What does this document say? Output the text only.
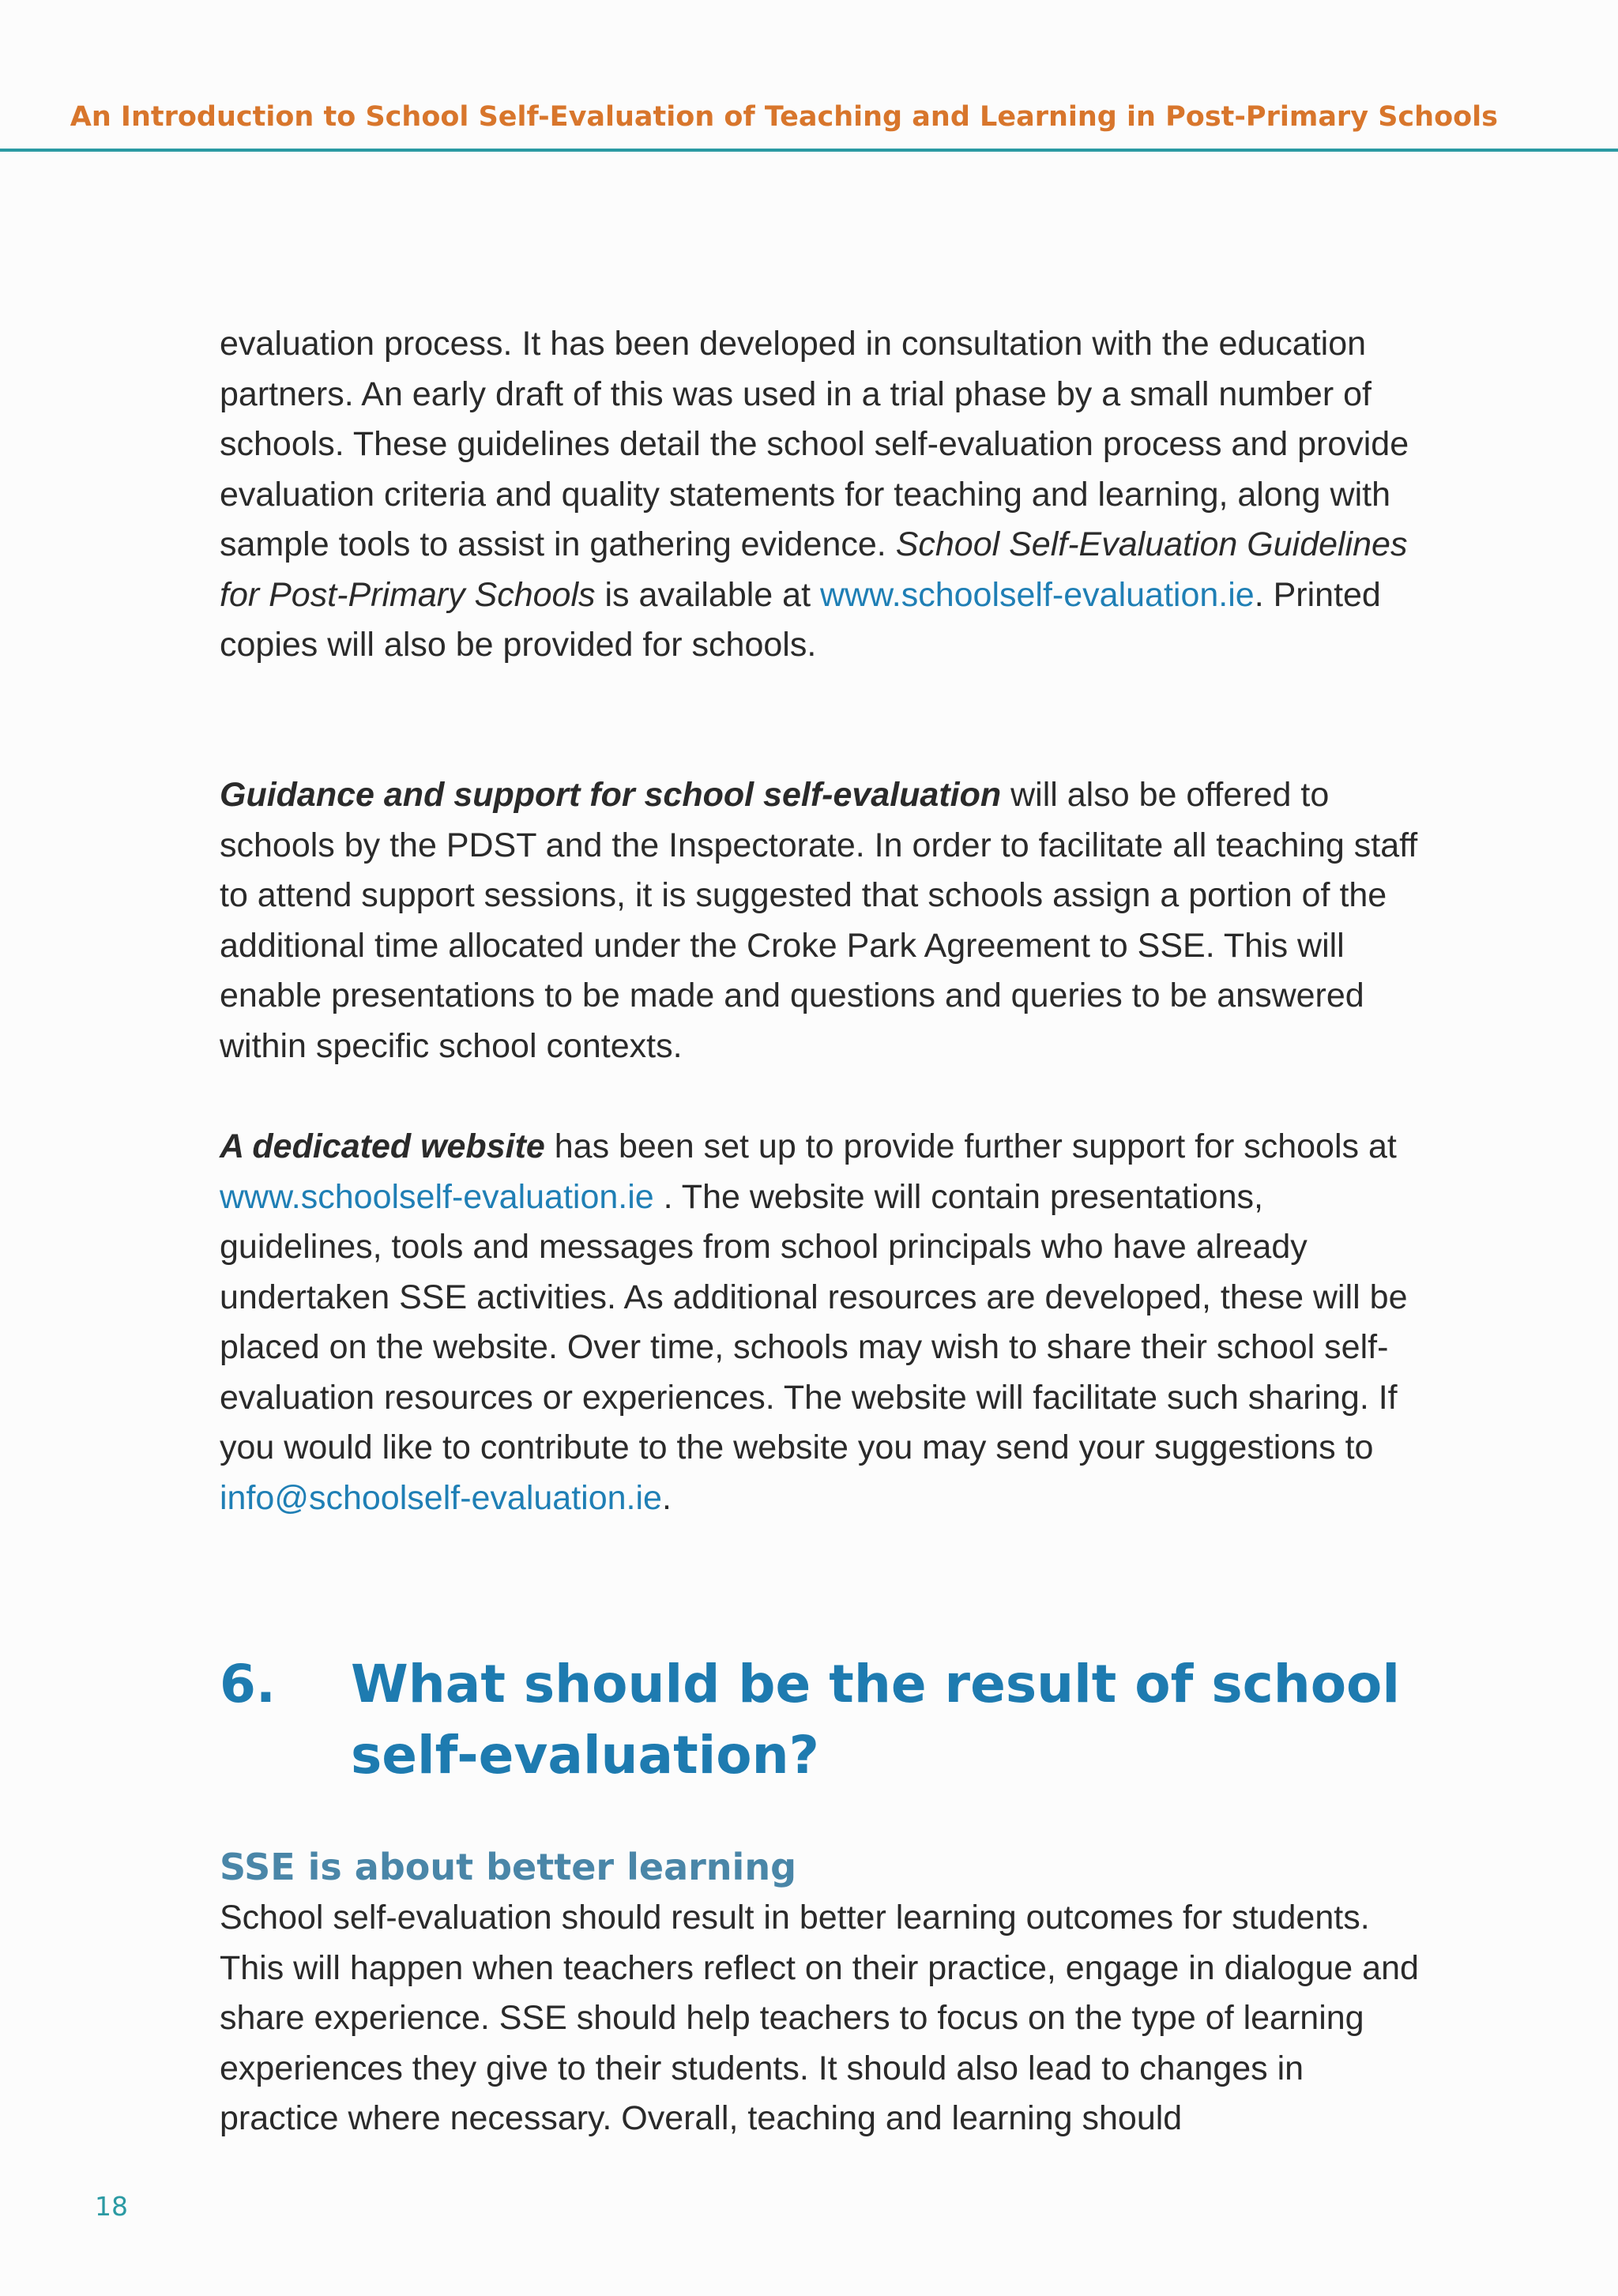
An Introduction to School Self-Evaluation of Teaching and Learning in Post-Primary Schools

evaluation process. It has been developed in consultation with the education partners. An early draft of this was used in a trial phase by a small number of schools. These guidelines detail the school self-evaluation process and provide evaluation criteria and quality statements for teaching and learning, along with sample tools to assist in gathering evidence. School Self-Evaluation Guidelines for Post-Primary Schools is available at www.schoolself-evaluation.ie. Printed copies will also be provided for schools.

Guidance and support for school self-evaluation will also be offered to schools by the PDST and the Inspectorate. In order to facilitate all teaching staff to attend support sessions, it is suggested that schools assign a portion of the additional time allocated under the Croke Park Agreement to SSE. This will enable presentations to be made and questions and queries to be answered within specific school contexts.

A dedicated website has been set up to provide further support for schools at www.schoolself-evaluation.ie . The website will contain presentations, guidelines, tools and messages from school principals who have already undertaken SSE activities. As additional resources are developed, these will be placed on the website. Over time, schools may wish to share their school self-evaluation resources or experiences. The website will facilitate such sharing. If you would like to contribute to the website you may send your suggestions to info@schoolself-evaluation.ie.

6. What should be the result of school self-evaluation?
SSE is about better learning

School self-evaluation should result in better learning outcomes for students. This will happen when teachers reflect on their practice, engage in dialogue and share experience. SSE should help teachers to focus on the type of learning experiences they give to their students. It should also lead to changes in practice where necessary. Overall, teaching and learning should

18
